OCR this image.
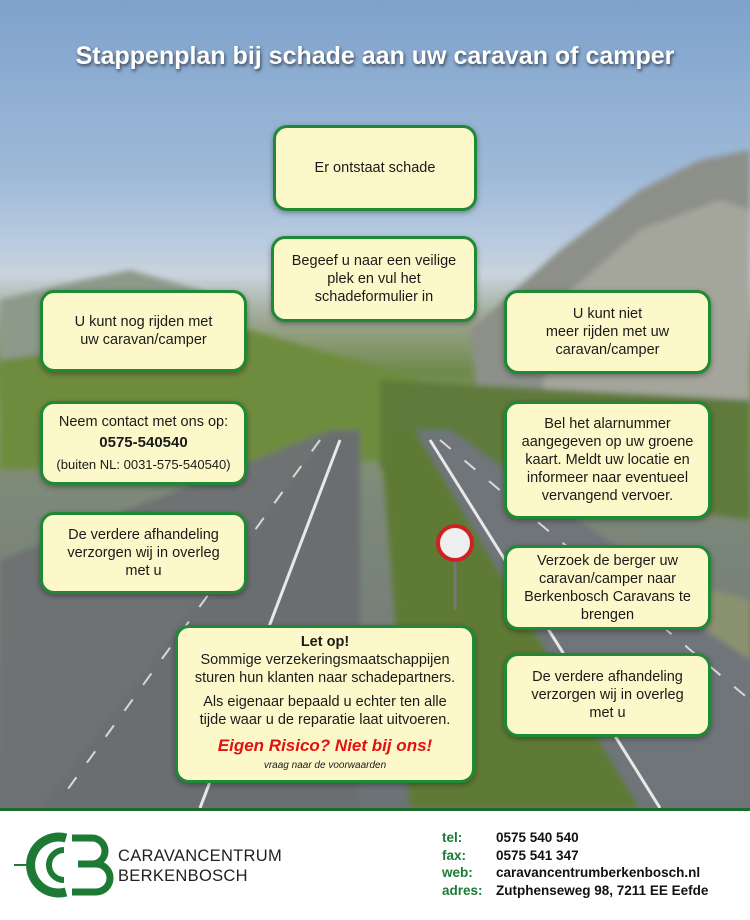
Stappenplan bij schade aan uw caravan of camper
Er ontstaat schade
Begeef u naar een veilige
plek en vul het
schadeformulier in
U kunt nog rijden met
uw caravan/camper
U kunt niet
meer rijden met uw
caravan/camper
Neem contact met ons op:
0575-540540
(buiten NL: 0031-575-540540)
Bel het alarnummer
aangegeven op uw groene
kaart. Meldt uw locatie en
informeer naar eventueel
vervangend vervoer.
De verdere afhandeling
verzorgen wij in overleg
met u
Verzoek de berger uw
caravan/camper naar
Berkenbosch Caravans te
brengen
Let op!
Sommige verzekeringsmaatschappijen
sturen hun klanten naar schadepartners.
Als eigenaar bepaald u echter ten alle
tijde waar u de reparatie laat uitvoeren.
Eigen Risico? Niet bij ons!
vraag naar de voorwaarden
De verdere afhandeling
verzorgen wij in overleg
met u
CARAVANCENTRUM
BERKENBOSCH
tel:	0575 540 540
fax:	0575 541 347
web:	caravancentrumberkenbosch.nl
adres: Zutphenseweg 98, 7211 EE Eefde
